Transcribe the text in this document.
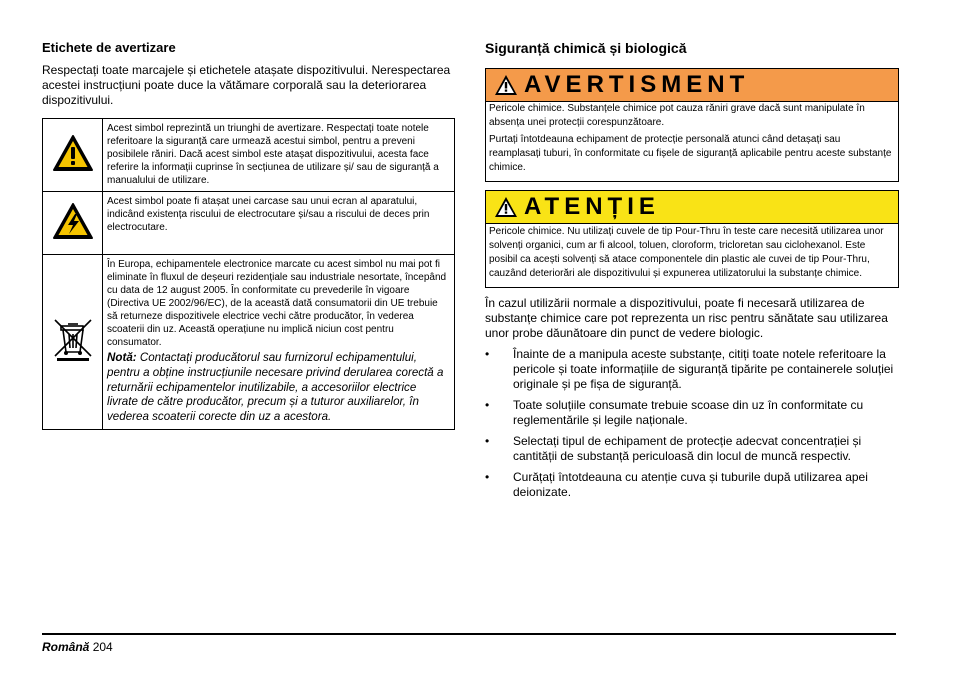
Etichete de avertizare

Respectați toate marcajele și etichetele atașate dispozitivului. Nerespectarea acestei instrucțiuni poate duce la vătămare corporală sau la deteriorarea dispozitivului.

	Acest simbol reprezintă un triunghi de avertizare. Respectați toate notele referitoare la siguranță care urmează acestui simbol, pentru a preveni posibilele răniri. Dacă acest simbol este atașat dispozitivului, acesta face referire la informații cuprinse în secțiunea de utilizare și/ sau de siguranță a manualului de utilizare.
	Acest simbol poate fi atașat unei carcase sau unui ecran al aparatului, indicând existența riscului de electrocutare și/sau a riscului de deces prin electrocutare.

În Europa, echipamentele electronice marcate cu acest simbol nu mai pot fi eliminate în fluxul de deșeuri rezidențiale sau industriale nesortate, începând cu data de 12 august 2005. În conformitate cu prevederile în vigoare (Directiva UE 2002/96/EC), de la această dată consumatorii din UE trebuie să returneze dispozitivele electrice vechi către producător, în vederea scoaterii din uz. Această operațiune nu implică niciun cost pentru consumator.
Notă: Contactați producătorul sau furnizorul echipamentului, pentru a obține instrucțiunile necesare privind derularea corectă a returnării echipamentelor inutilizabile, a accesoriilor electrice livrate de către producător, precum și a tuturor auxiliarelor, în vederea scoaterii corecte din uz a acestora.
Siguranță chimică și biologică
AVERTISMENT

Pericole chimice. Substanțele chimice pot cauza răniri grave dacă sunt manipulate în absența unei protecții corespunzătoare.

Purtați întotdeauna echipament de protecție personală atunci când detașați sau reamplasați tuburi, în conformitate cu fișele de siguranță aplicabile pentru aceste substanțe chimice.

ATENȚIE

Pericole chimice. Nu utilizați cuvele de tip Pour-Thru în teste care necesită utilizarea unor solvenți organici, cum ar fi alcool, toluen, cloroform, tricloretan sau ciclohexanol. Este posibil ca acești solvenți să atace componentele din plastic ale cuvei de tip Pour-Thru, cauzând deteriorări ale dispozitivului și expunerea utilizatorului la substanțe chimice.

În cazul utilizării normale a dispozitivului, poate fi necesară utilizarea de substanțe chimice care pot reprezenta un risc pentru sănătate sau utilizarea unor probe dăunătoare din punct de vedere biologic.

• Înainte de a manipula aceste substanțe, citiți toate notele referitoare la pericole și toate informațiile de siguranță tipărite pe containerele soluției originale și pe fișa de siguranță.
• Toate soluțiile consumate trebuie scoase din uz în conformitate cu reglementările și legile naționale.
• Selectați tipul de echipament de protecție adecvat concentrației și cantității de substanță periculoasă din locul de muncă respectiv.
• Curățați întotdeauna cu atenție cuva și tuburile după utilizarea apei deionizate.
Română 204
